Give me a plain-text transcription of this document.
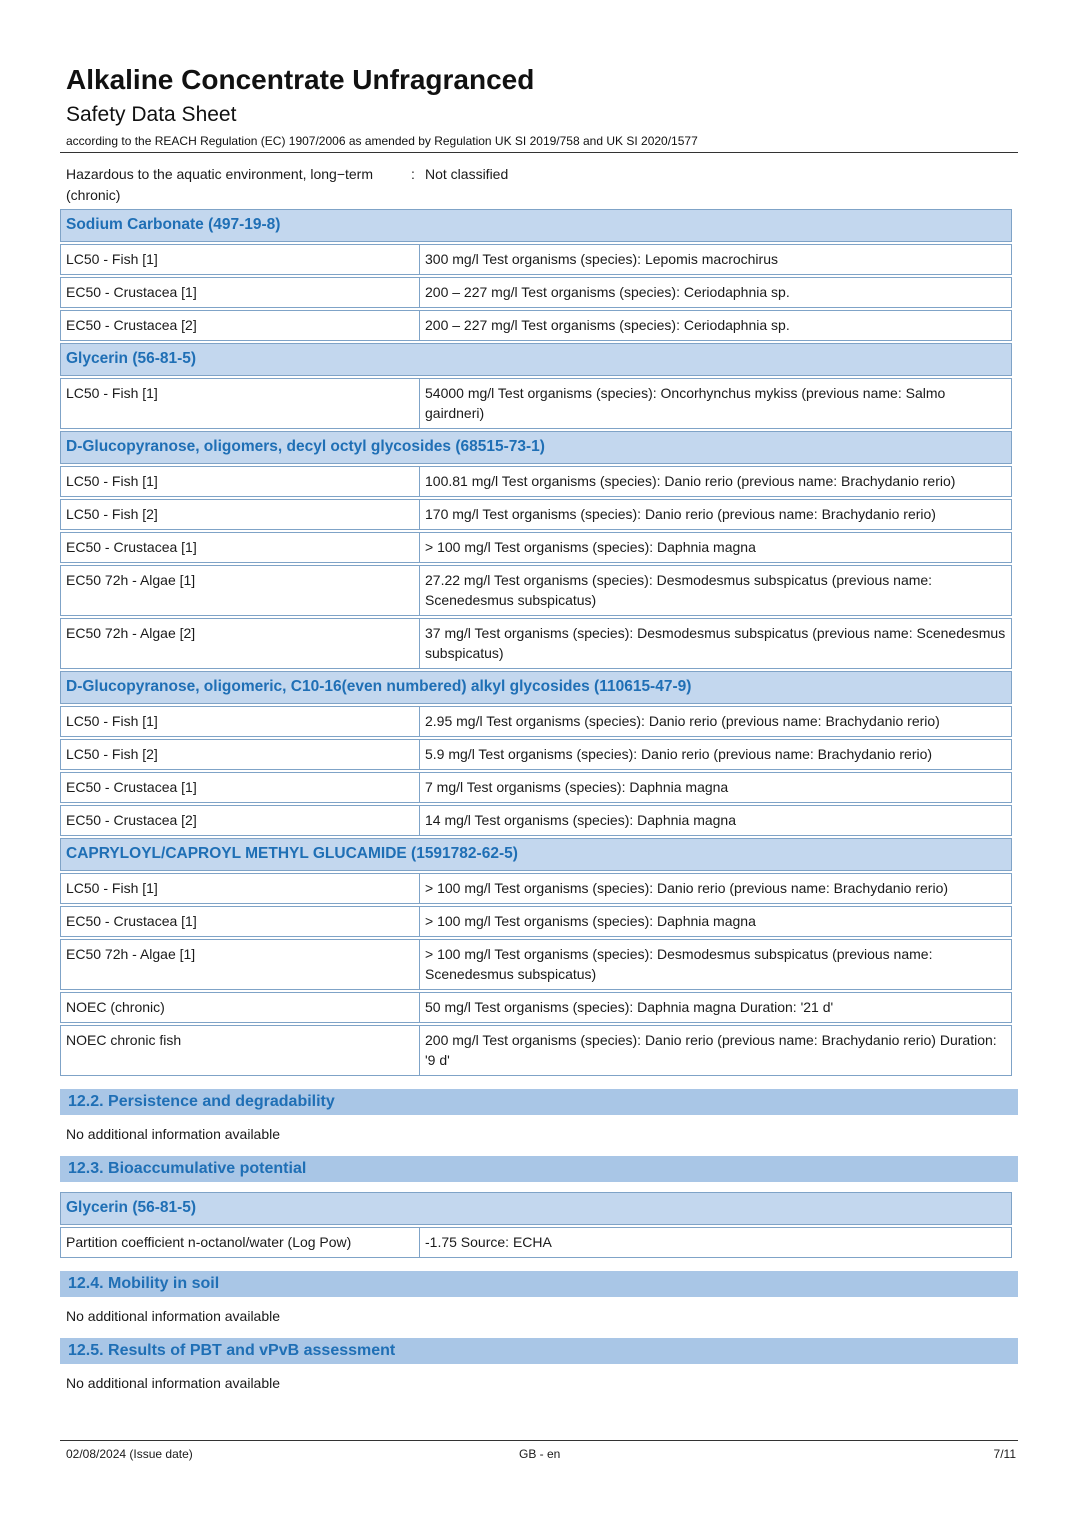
Alkaline Concentrate Unfragranced
Safety Data Sheet
according to the REACH Regulation (EC) 1907/2006 as amended by Regulation UK SI 2019/758 and UK SI 2020/1577
Hazardous to the aquatic environment, long−term (chronic)
: Not classified
Sodium Carbonate (497-19-8)	
LC50 - Fish [1]	300 mg/l Test organisms (species): Lepomis macrochirus
EC50 - Crustacea [1]	200 – 227 mg/l Test organisms (species): Ceriodaphnia sp.
EC50 - Crustacea [2]	200 – 227 mg/l Test organisms (species): Ceriodaphnia sp.
Glycerin (56-81-5)	
LC50 - Fish [1]	54000 mg/l Test organisms (species): Oncorhynchus mykiss (previous name: Salmo gairdneri)
D-Glucopyranose, oligomers, decyl octyl glycosides (68515-73-1)	
LC50 - Fish [1]	100.81 mg/l Test organisms (species): Danio rerio (previous name: Brachydanio rerio)
LC50 - Fish [2]	170 mg/l Test organisms (species): Danio rerio (previous name: Brachydanio rerio)
EC50 - Crustacea [1]	> 100 mg/l Test organisms (species): Daphnia magna
EC50 72h - Algae [1]	27.22 mg/l Test organisms (species): Desmodesmus subspicatus (previous name: Scenedesmus subspicatus)
EC50 72h - Algae [2]	37 mg/l Test organisms (species): Desmodesmus subspicatus (previous name: Scenedesmus subspicatus)
D-Glucopyranose, oligomeric, C10-16(even numbered) alkyl glycosides (110615-47-9)	
LC50 - Fish [1]	2.95 mg/l Test organisms (species): Danio rerio (previous name: Brachydanio rerio)
LC50 - Fish [2]	5.9 mg/l Test organisms (species): Danio rerio (previous name: Brachydanio rerio)
EC50 - Crustacea [1]	7 mg/l Test organisms (species): Daphnia magna
EC50 - Crustacea [2]	14 mg/l Test organisms (species): Daphnia magna
CAPRYLOYL/CAPROYL METHYL GLUCAMIDE (1591782-62-5)	
LC50 - Fish [1]	> 100 mg/l Test organisms (species): Danio rerio (previous name: Brachydanio rerio)
EC50 - Crustacea [1]	> 100 mg/l Test organisms (species): Daphnia magna
EC50 72h - Algae [1]	> 100 mg/l Test organisms (species): Desmodesmus subspicatus (previous name: Scenedesmus subspicatus)
NOEC (chronic)	50 mg/l Test organisms (species): Daphnia magna Duration: '21 d'
NOEC chronic fish	200 mg/l Test organisms (species): Danio rerio (previous name: Brachydanio rerio) Duration: '9 d'
12.2. Persistence and degradability
No additional information available
12.3. Bioaccumulative potential
Glycerin (56-81-5)
Partition coefficient n-octanol/water (Log Pow)	-1.75 Source: ECHA
12.4. Mobility in soil
No additional information available
12.5. Results of PBT and vPvB assessment
No additional information available
02/08/2024 (Issue date)	GB - en	7/11
